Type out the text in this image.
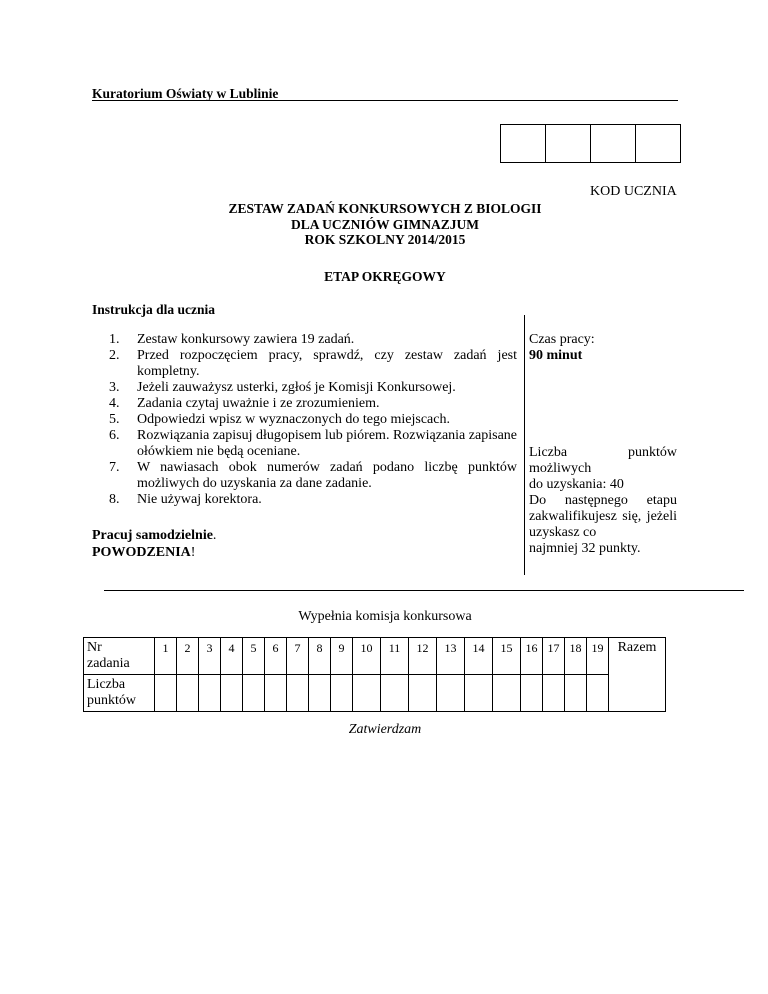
Kuratorium Oświaty w Lublinie
KOD UCZNIA
ZESTAW ZADAŃ KONKURSOWYCH Z BIOLOGII
DLA UCZNIÓW GIMNAZJUM
ROK SZKOLNY 2014/2015
ETAP OKRĘGOWY
Instrukcja dla ucznia
1.	Zestaw konkursowy zawiera 19 zadań.
2.	Przed rozpoczęciem pracy, sprawdź, czy zestaw zadań jest kompletny.
3.	Jeżeli zauważysz usterki, zgłoś je Komisji Konkursowej.
4.	Zadania czytaj uważnie i ze zrozumieniem.
5.	Odpowiedzi wpisz w wyznaczonych do tego miejscach.
6.	Rozwiązania zapisuj długopisem lub piórem. Rozwiązania zapisane ołówkiem nie będą oceniane.
7.	W nawiasach obok numerów zadań podano liczbę punktów możliwych do uzyskania za dane zadanie.
8.	Nie używaj korektora.
Czas pracy:
90 minut
Liczba punktów
możliwych
do uzyskania: 40
Do następnego etapu zakwalifikujesz się, jeżeli uzyskasz co
najmniej 32 punkty.
Pracuj samodzielnie.
POWODZENIA!
Wypełnia komisja konkursowa
Nr
zadania	1	2	3	4	5	6	7	8	9	10	11	12	13	14	15	16	17	18	19	Razem

Liczba
punktów																				

Zatwierdzam
